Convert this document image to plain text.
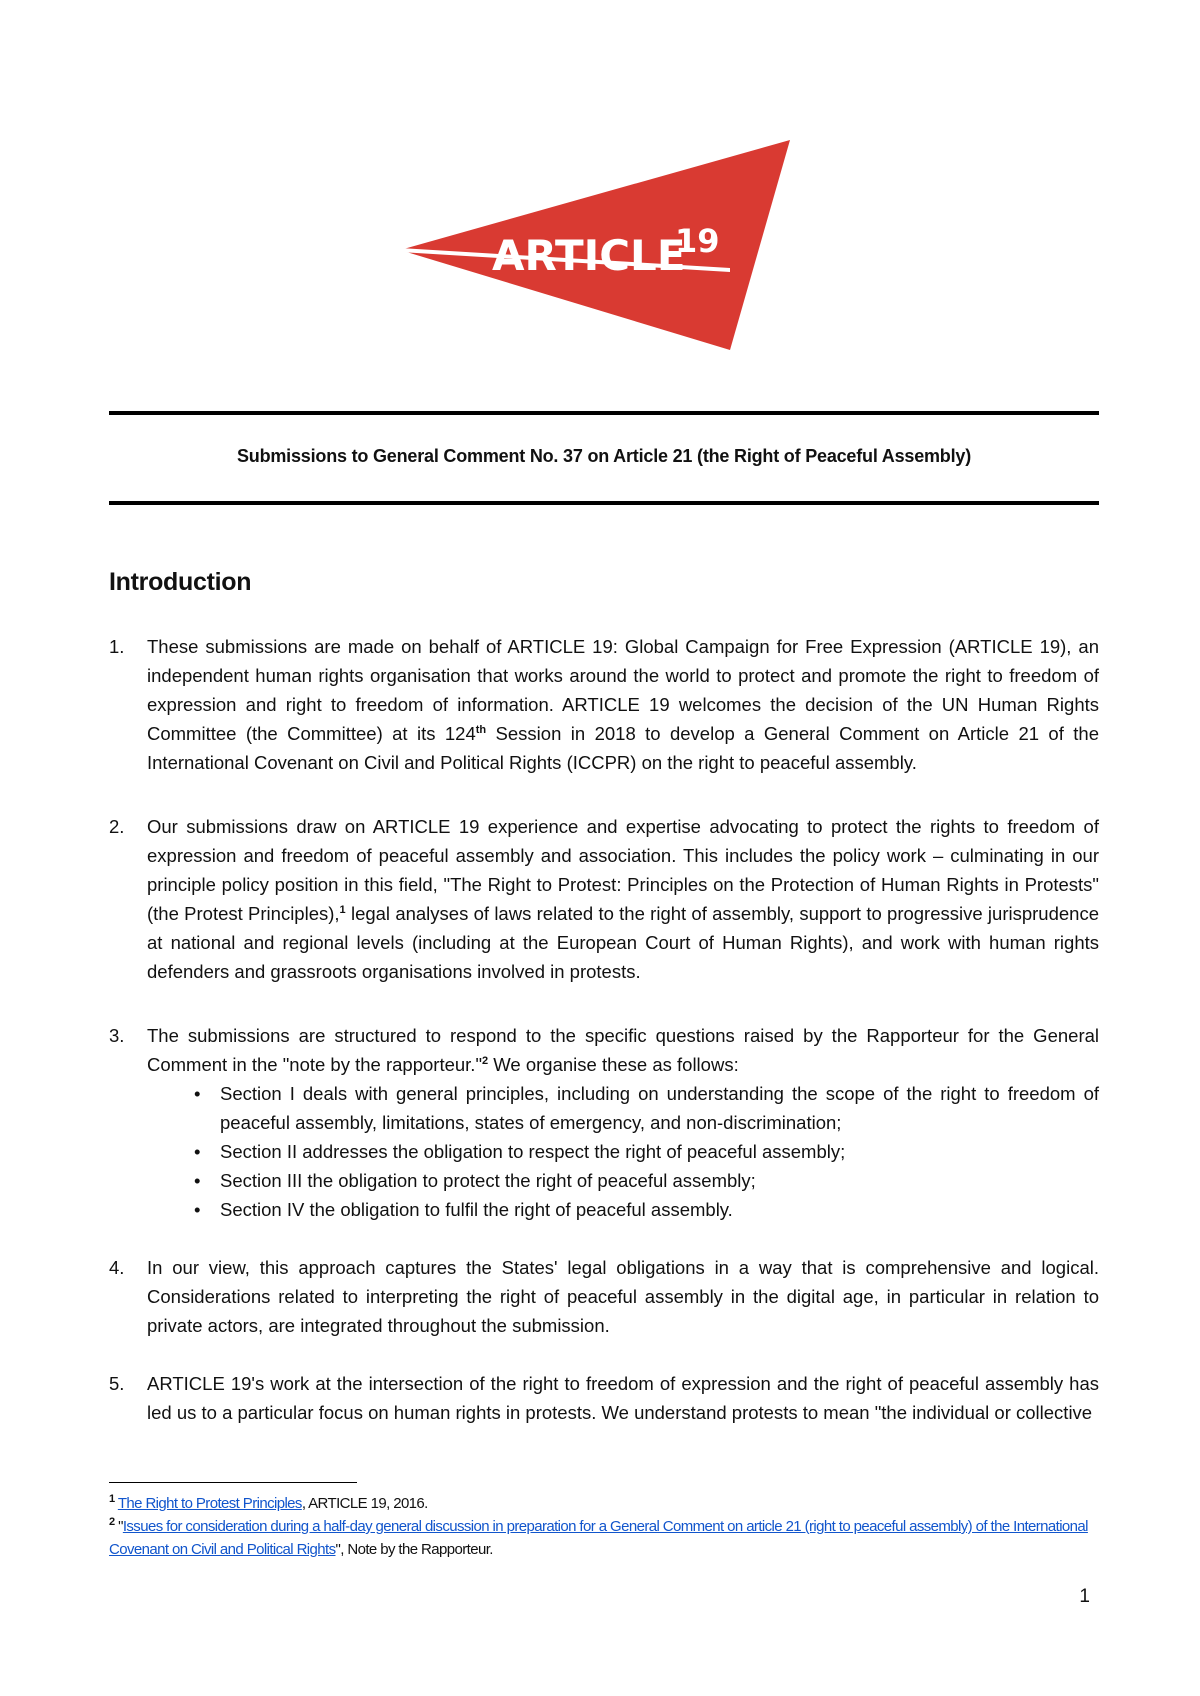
ARTICLE
19
Submissions to General Comment No. 37 on Article 21 (the Right of Peaceful Assembly)
Introduction
1. These submissions are made on behalf of ARTICLE 19: Global Campaign for Free Expression (ARTICLE 19), an independent human rights organisation that works around the world to protect and promote the right to freedom of expression and right to freedom of information. ARTICLE 19 welcomes the decision of the UN Human Rights Committee (the Committee) at its 124th Session in 2018 to develop a General Comment on Article 21 of the International Covenant on Civil and Political Rights (ICCPR) on the right to peaceful assembly.
2. Our submissions draw on ARTICLE 19 experience and expertise advocating to protect the rights to freedom of expression and freedom of peaceful assembly and association. This includes the policy work – culminating in our principle policy position in this field, "The Right to Protest: Principles on the Protection of Human Rights in Protests" (the Protest Principles),$^1$ legal analyses of laws related to the right of assembly, support to progressive jurisprudence at national and regional levels (including at the European Court of Human Rights), and work with human rights defenders and grassroots organisations involved in protests.
3. The submissions are structured to respond to the specific questions raised by the Rapporteur for the General Comment in the "note by the rapporteur."$^2$ We organise these as follows:
• Section I deals with general principles, including on understanding the scope of the right to freedom of peaceful assembly, limitations, states of emergency, and non-discrimination;
• Section II addresses the obligation to respect the right of peaceful assembly;
• Section III the obligation to protect the right of peaceful assembly;
• Section IV the obligation to fulfil the right of peaceful assembly.
4. In our view, this approach captures the States' legal obligations in a way that is comprehensive and logical. Considerations related to interpreting the right of peaceful assembly in the digital age, in particular in relation to private actors, are integrated throughout the submission.
5. ARTICLE 19's work at the intersection of the right to freedom of expression and the right of peaceful assembly has led us to a particular focus on human rights in protests. We understand protests to mean "the individual or collective
$^1$ The Right to Protest Principles, ARTICLE 19, 2016.
$^2$ "Issues for consideration during a half-day general discussion in preparation for a General Comment on article 21 (right to peaceful assembly) of the International Covenant on Civil and Political Rights", Note by the Rapporteur.
1
